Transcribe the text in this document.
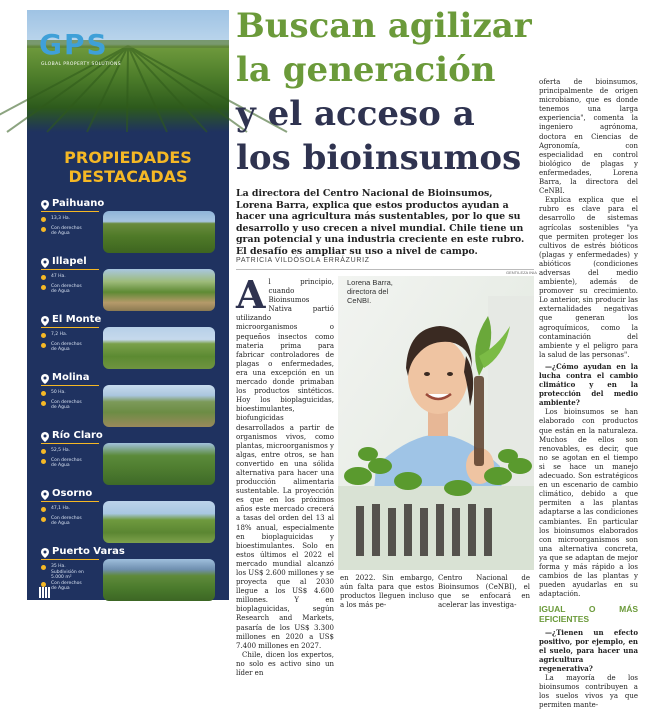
GPS
GLOBAL PROPERTY SOLUTIONS
PROPIEDADES
DESTACADAS
Paihuano
13,3 Ha.
Con derechos de Agua
Illapel
47 Ha.
Con derechos de Agua
El Monte
7,2 Ha.
Con derechos de Agua
Molina
50 Ha.
Con derechos de Agua
Río Claro
52,5 Ha.
Con derechos de Agua
Osorno
47,1 Ha.
Con derechos de Agua
Puerto Varas
35 Ha.
Subdivisión en 5.000 m²
Con derechos de Agua
Buscan agilizar
la generación
y el acceso a
los bioinsumos
La directora del Centro Nacional de Bioinsumos, Lorena Barra, explica que estos productos ayudan a hacer una agricultura más sustentables, por lo que su desarrollo y uso crecen a nivel mundial. Chile tiene un gran potencial y una industria creciente en este rubro. El desafío es ampliar su uso a nivel de campo.
PATRICIA VILDÓSOLA ERRÁZURIZ
GENTILEZA INIA
Al principio, cuando Bioinsumos Nativa partió utilizando microorganismos o pequeños insectos como materia prima para fabricar controladores de plagas o enfermedades, era una excepción en un mercado donde primaban los productos sintéticos. Hoy los bioplaguicidas, bioestimulantes, biofungicidas desarrollados a partir de organismos vivos, como plantas, microorganismos y algas, entre otros, se han convertido en una sólida alternativa para hacer una producción alimentaria sustentable. La proyección es que en los próximos años este mercado crecerá a tasas del orden del 13 al 18% anual, especialmente en bioplaguicidas y bioestimulantes. Solo en estos últimos el 2022 el mercado mundial alcanzó los US$ 2.600 millones y se proyecta que al 2030 llegue a los US$ 4.600 millones. Y en bioplaguicidas, según Research and Markets, pasaría de los US$ 3.300 millones en 2020 a US$ 7.400 millones en 2027.
Chile, dicen los expertos, no solo es activo sino un líder en
Lorena Barra, directora del CeNBI.
en 2022. Sin embargo, aún falta para que estos productos lleguen incluso a los más pe-
Centro Nacional de Bioinsumos (CeNBI), el que se enfocará en acelerar las investiga-
oferta de bioinsumos, principalmente de origen microbiano, que es donde tenemos una larga experiencia", comenta la ingeniero agrónoma, doctora en Ciencias de Agronomía, con especialidad en control biológico de plagas y enfermedades, Lorena Barra, la directora del CeNBI.
Explica explica que el rubro es clave para el desarrollo de sistemas agrícolas sostenibles "ya que permiten proteger los cultivos de estrés bióticos (plagas y enfermedades) y abióticos (condiciones adversas del medio ambiente), además de promover su crecimiento. Lo anterior, sin producir las externalidades negativas que generan los agroquímicos, como la contaminación del ambiente y el peligro para la salud de las personas".
—¿Cómo ayudan en la lucha contra el cambio climático y en la protección del medio ambiente?
Los bioinsumos se han elaborado con productos que están en la naturaleza. Muchos de ellos son renovables, es decir, que no se agotan en el tiempo si se hace un manejo adecuado. Son estratégicos en un escenario de cambio climático, debido a que permiten a las plantas adaptarse a las condiciones cambiantes. En particular los bioinsumos elaborados con microorganismos son una alternativa concreta, ya que se adaptan de mejor forma y más rápido a los cambios de las plantas y pueden ayudarlas en su adaptación.
IGUAL O MÁS EFICIENTES
—¿Tienen un efecto positivo, por ejemplo, en el suelo, para hacer una agricultura regenerativa?
La mayoría de los bioinsumos contribuyen a los suelos vivos ya que permiten mante-
